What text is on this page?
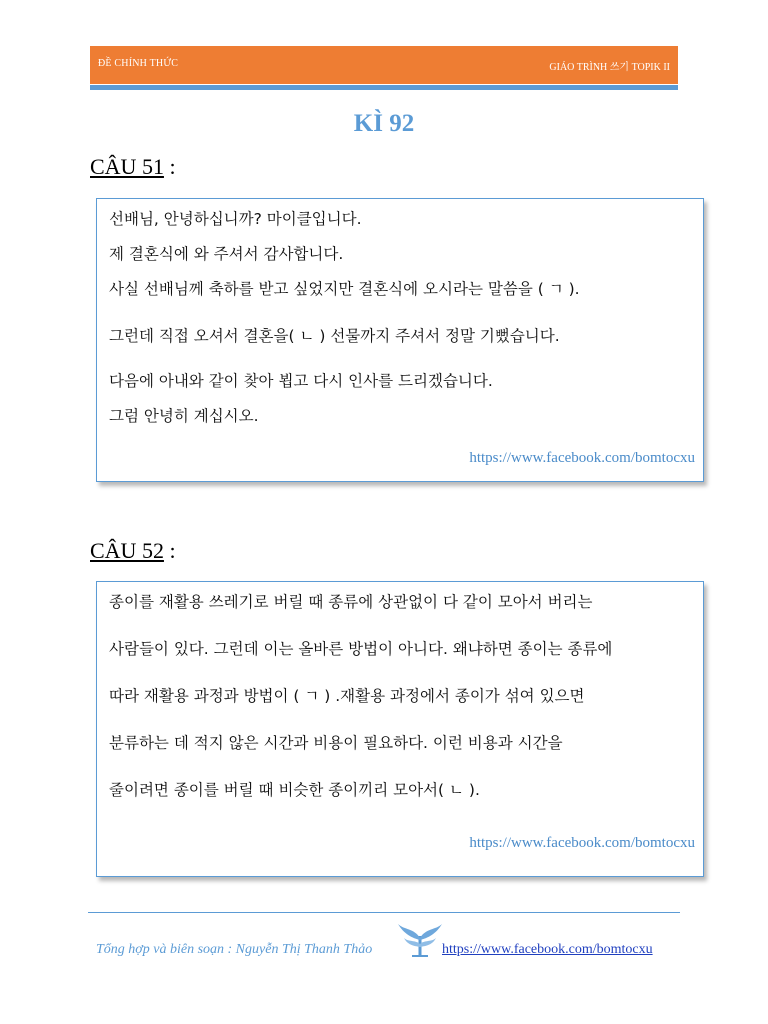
ĐỀ CHÍNH THỨC	GIÁO TRÌNH 쓰기 TOPIK II
KÌ 92
CÂU 51 :
선배님, 안녕하십니까? 마이클입니다.
제 결혼식에 와 주셔서 감사합니다.
사실 선배님께 축하를 받고 싶었지만 결혼식에 오시라는 말씀을 ( ㄱ ).
그런데 직접 오셔서 결혼을( ㄴ ) 선물까지 주셔서 정말 기뻤습니다.
다음에 아내와 같이 찾아 뵙고 다시 인사를 드리겠습니다.
그럼 안녕히 계십시오.
https://www.facebook.com/bomtocxu
CÂU 52 :
종이를 재활용 쓰레기로 버릴 때 종류에 상관없이 다 같이 모아서 버리는
사람들이 있다. 그런데 이는 올바른 방법이 아니다. 왜냐하면 종이는 종류에
따라 재활용 과정과 방법이 ( ㄱ ) .재활용 과정에서 종이가 섞여 있으면
분류하는 데 적지 않은 시간과 비용이 필요하다. 이런 비용과 시간을
줄이려면 종이를 버릴 때 비슷한 종이끼리 모아서( ㄴ ).
https://www.facebook.com/bomtocxu
Tổng hợp và biên soạn : Nguyễn Thị Thanh Thảo	https://www.facebook.com/bomtocxu
